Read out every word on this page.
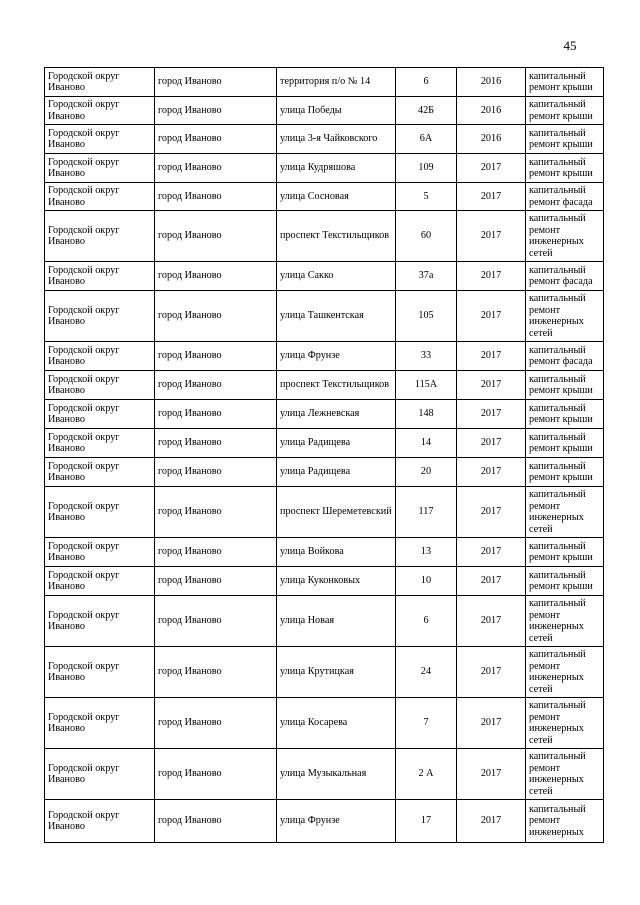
45
Городской округ Иваново	город Иваново	территория п/о № 14	6	2016	капитальный ремонт крыши
Городской округ Иваново	город Иваново	улица Победы	42Б	2016	капитальный ремонт крыши
Городской округ Иваново	город Иваново	улица 3-я Чайковского	6А	2016	капитальный ремонт крыши
Городской округ Иваново	город Иваново	улица Кудряшова	109	2017	капитальный ремонт крыши
Городской округ Иваново	город Иваново	улица Сосновая	5	2017	капитальный ремонт фасада
Городской округ Иваново	город Иваново	проспект Текстильщиков	60	2017	капитальный ремонт инженерных сетей
Городской округ Иваново	город Иваново	улица Сакко	37а	2017	капитальный ремонт фасада
Городской округ Иваново	город Иваново	улица Ташкентская	105	2017	капитальный ремонт инженерных сетей
Городской округ Иваново	город Иваново	улица Фрунзе	33	2017	капитальный ремонт фасада
Городской округ Иваново	город Иваново	проспект Текстильщиков	115А	2017	капитальный ремонт крыши
Городской округ Иваново	город Иваново	улица Лежневская	148	2017	капитальный ремонт крыши
Городской округ Иваново	город Иваново	улица Радищева	14	2017	капитальный ремонт крыши
Городской округ Иваново	город Иваново	улица Радищева	20	2017	капитальный ремонт крыши
Городской округ Иваново	город Иваново	проспект Шереметевский	117	2017	капитальный ремонт инженерных сетей
Городской округ Иваново	город Иваново	улица Войкова	13	2017	капитальный ремонт крыши
Городской округ Иваново	город Иваново	улица Куконковых	10	2017	капитальный ремонт крыши
Городской округ Иваново	город Иваново	улица Новая	6	2017	капитальный ремонт инженерных сетей
Городской округ Иваново	город Иваново	улица Крутицкая	24	2017	капитальный ремонт инженерных сетей
Городской округ Иваново	город Иваново	улица Косарева	7	2017	капитальный ремонт инженерных сетей
Городской округ Иваново	город Иваново	улица Музыкальная	2 А	2017	капитальный ремонт инженерных сетей
Городской округ Иваново	город Иваново	улица Фрунзе	17	2017	капитальный ремонт инженерных
